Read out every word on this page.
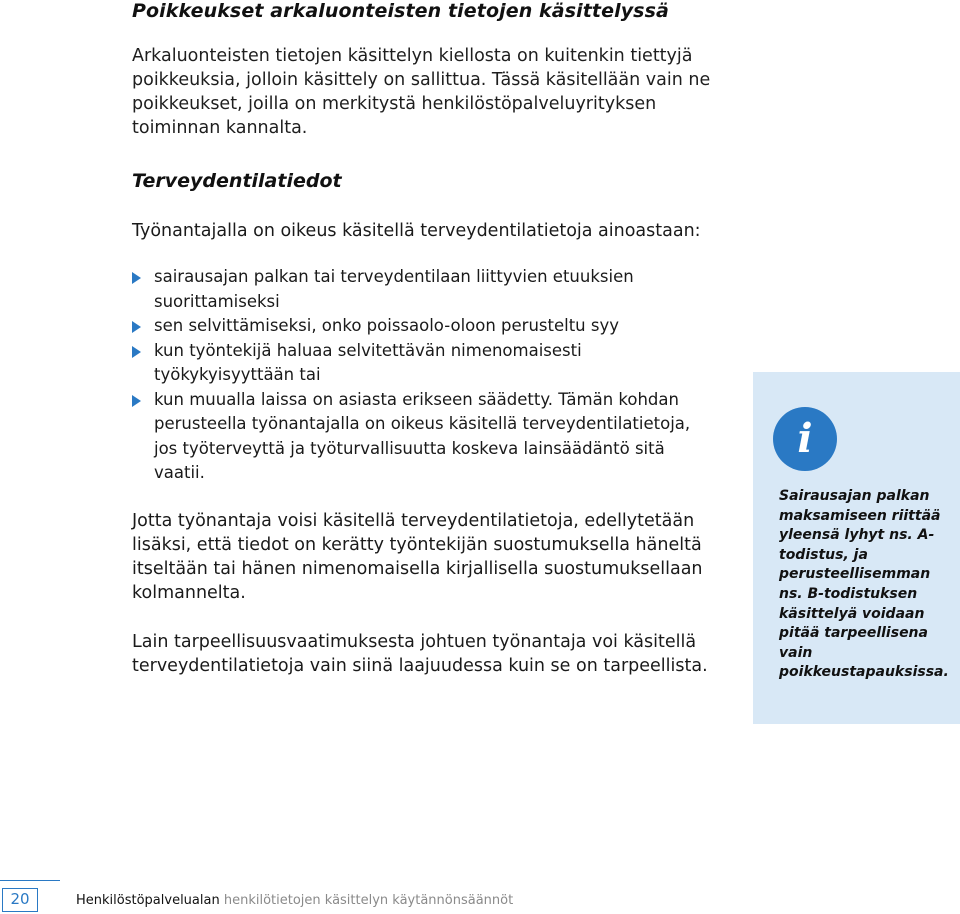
Poikkeukset arkaluonteisten tietojen käsittelyssä
Arkaluonteisten tietojen käsittelyn kiellosta on kuitenkin tiettyjä poikkeuksia, jolloin käsittely on sallittua. Tässä käsitellään vain ne poikkeukset, joilla on merkitystä henkilöstöpalveluyrityksen toiminnan kannalta.
Terveydentilatiedot
Työnantajalla on oikeus käsitellä terveydentilatietoja ainoastaan:
sairausajan palkan tai terveydentilaan liittyvien etuuksien suorittamiseksi
sen selvittämiseksi, onko poissaolo-oloon perusteltu syy
kun työntekijä haluaa selvitettävän nimenomaisesti työkykyisyyttään tai
kun muualla laissa on asiasta erikseen säädetty. Tämän kohdan perusteella työnantajalla on oikeus käsitellä terveydentilatietoja, jos työterveyttä ja työturvallisuutta koskeva lainsäädäntö sitä vaatii.
Jotta työnantaja voisi käsitellä terveydentilatietoja, edellytetään lisäksi, että tiedot on kerätty työntekijän suostumuksella häneltä itseltään tai hänen nimenomaisella kirjallisella suostumuksellaan kolmannelta.
Lain tarpeellisuusvaatimuksesta johtuen työnantaja voi käsitellä terveydentilatietoja vain siinä laajuudessa kuin se on tarpeellista.
i
Sairausajan palkan maksamiseen riittää yleensä lyhyt ns. A-todistus, ja perusteellisemman ns. B-todistuksen käsittelyä voidaan pitää tarpeellisena vain poikkeustapauksissa.
20	Henkilöstöpalvelualan henkilötietojen käsittelyn käytännönsäännöt
